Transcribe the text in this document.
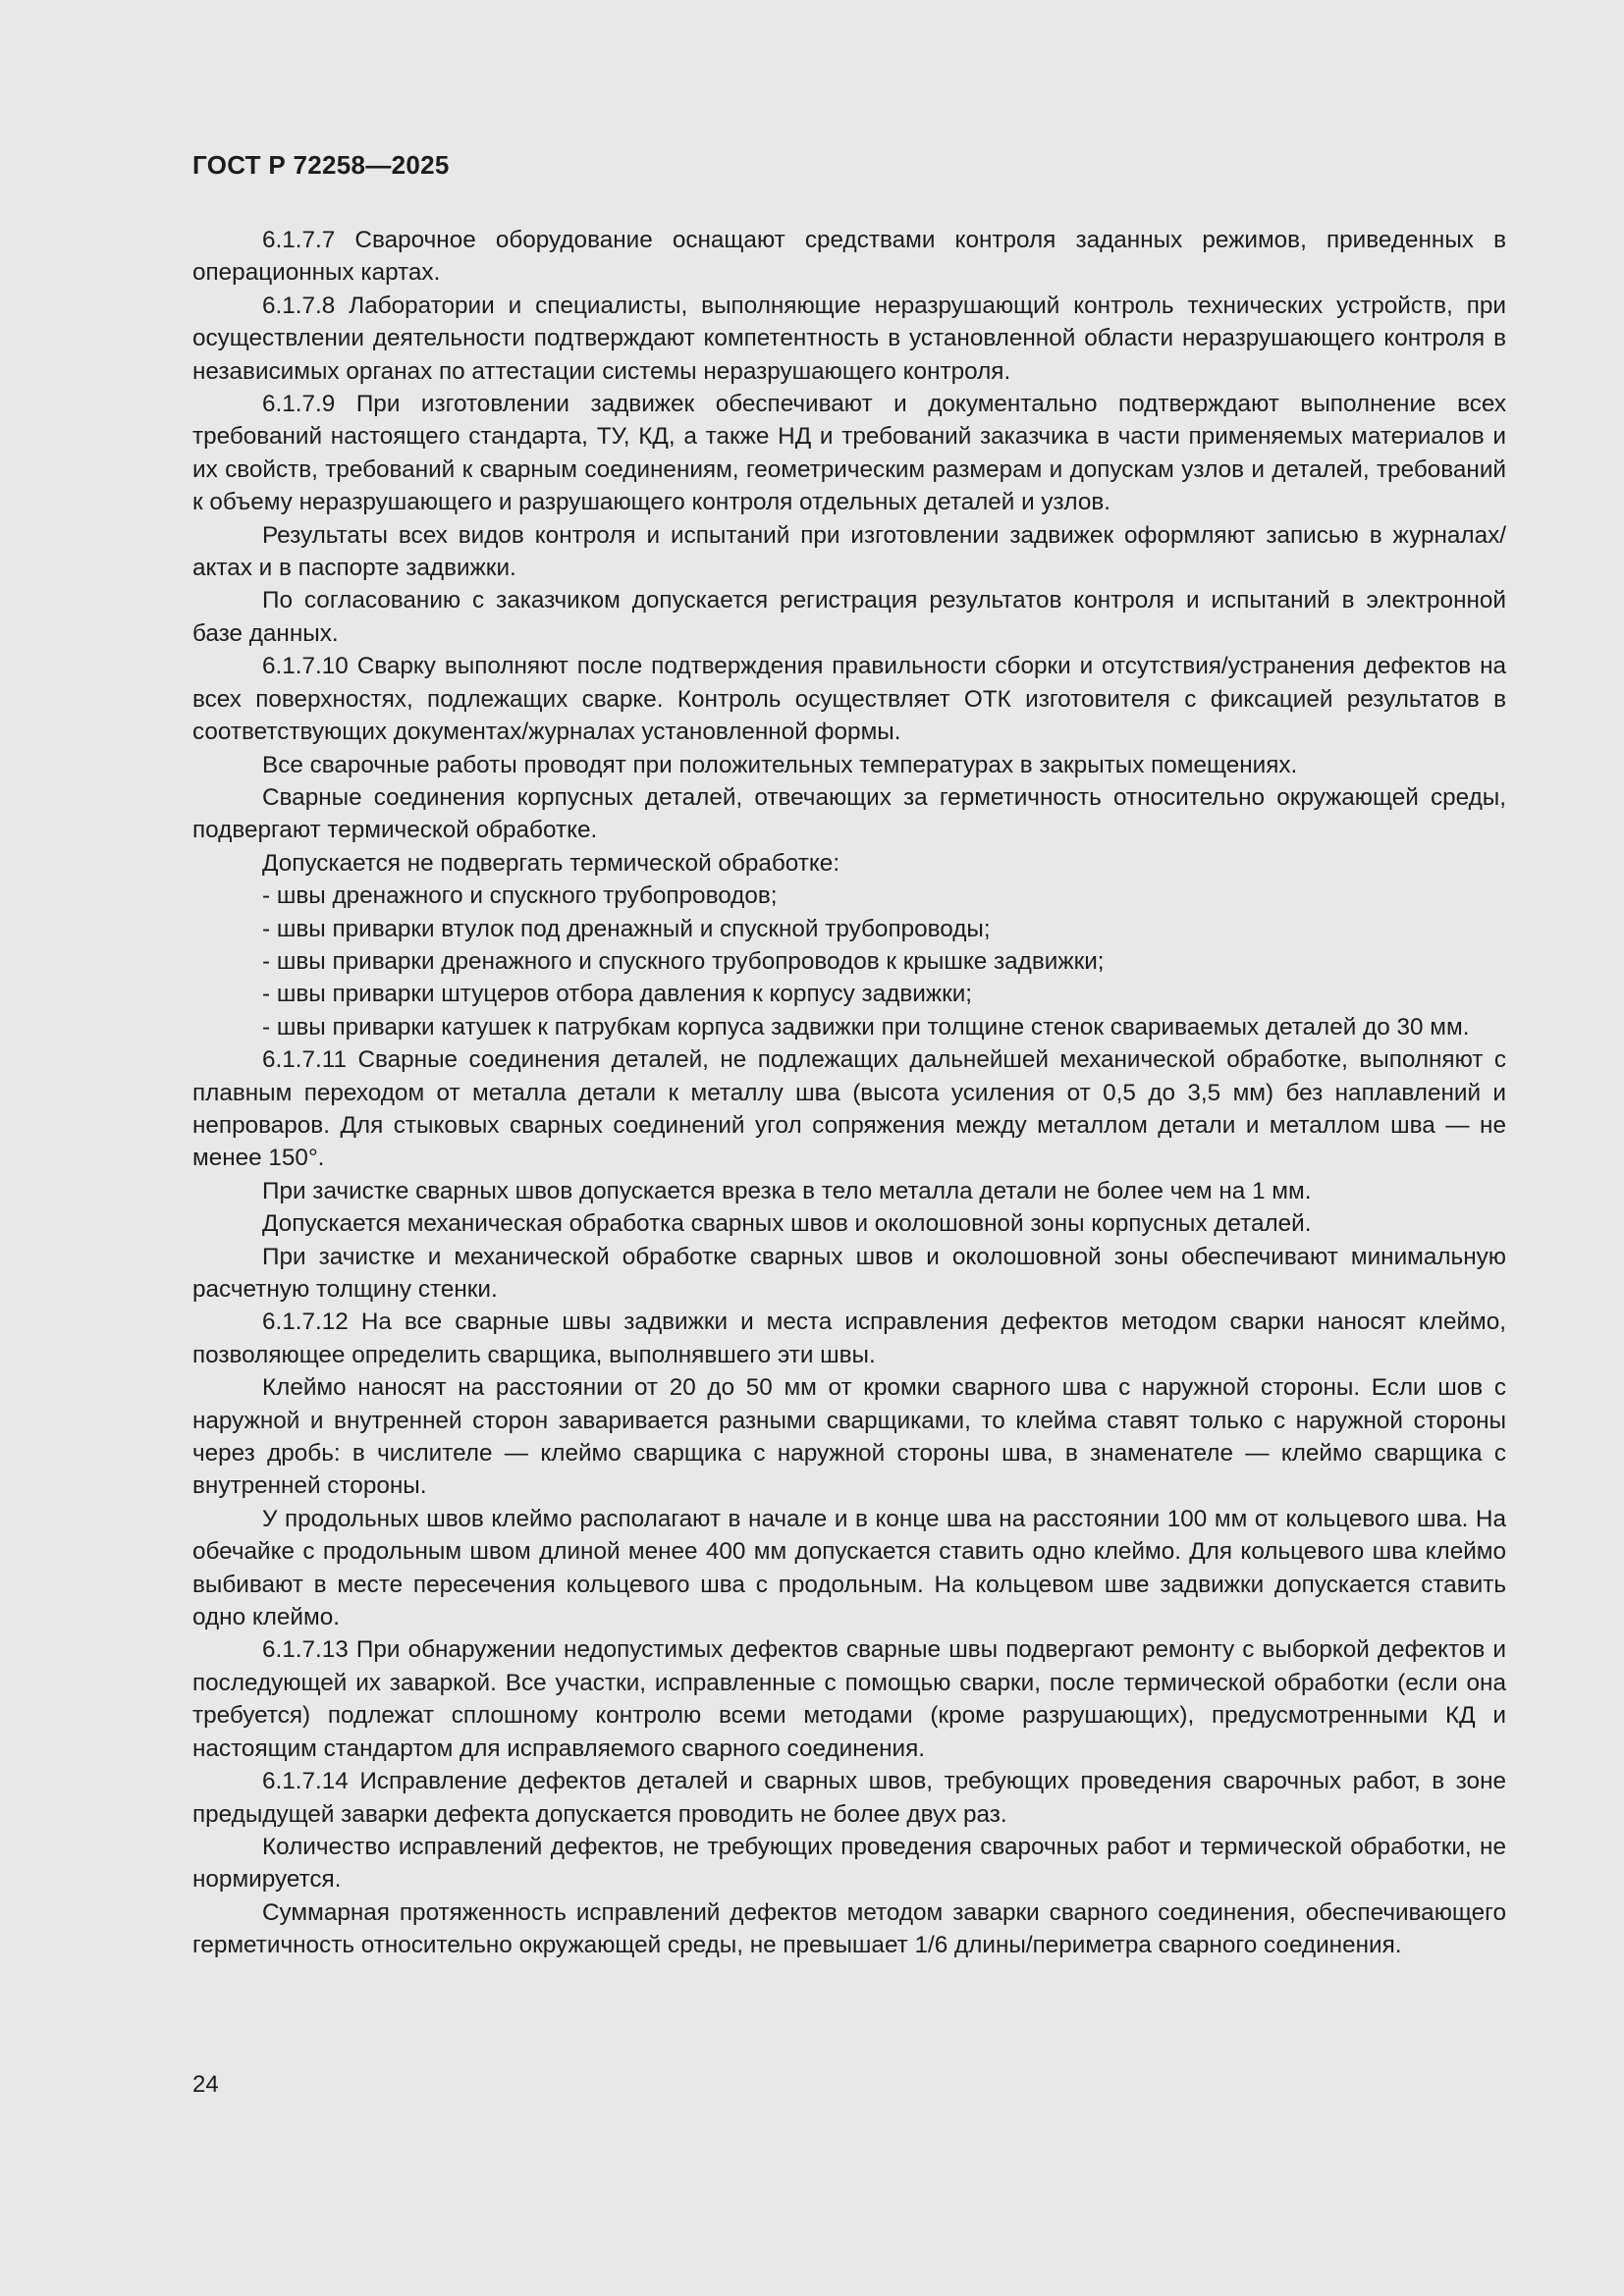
ГОСТ Р 72258—2025

6.1.7.7 Сварочное оборудование оснащают средствами контроля заданных режимов, приведенных в операционных картах.

6.1.7.8 Лаборатории и специалисты, выполняющие неразрушающий контроль технических устройств, при осуществлении деятельности подтверждают компетентность в установленной области неразрушающего контроля в независимых органах по аттестации системы неразрушающего контроля.

6.1.7.9 При изготовлении задвижек обеспечивают и документально подтверждают выполнение всех требований настоящего стандарта, ТУ, КД, а также НД и требований заказчика в части применяемых материалов и их свойств, требований к сварным соединениям, геометрическим размерам и допускам узлов и деталей, требований к объему неразрушающего и разрушающего контроля отдельных деталей и узлов.

Результаты всех видов контроля и испытаний при изготовлении задвижек оформляют записью в журналах/актах и в паспорте задвижки.

По согласованию с заказчиком допускается регистрация результатов контроля и испытаний в электронной базе данных.

6.1.7.10 Сварку выполняют после подтверждения правильности сборки и отсутствия/устранения дефектов на всех поверхностях, подлежащих сварке. Контроль осуществляет ОТК изготовителя с фиксацией результатов в соответствующих документах/журналах установленной формы.

Все сварочные работы проводят при положительных температурах в закрытых помещениях.

Сварные соединения корпусных деталей, отвечающих за герметичность относительно окружающей среды, подвергают термической обработке.

Допускается не подвергать термической обработке:

- швы дренажного и спускного трубопроводов;

- швы приварки втулок под дренажный и спускной трубопроводы;

- швы приварки дренажного и спускного трубопроводов к крышке задвижки;

- швы приварки штуцеров отбора давления к корпусу задвижки;

- швы приварки катушек к патрубкам корпуса задвижки при толщине стенок свариваемых деталей до 30 мм.

6.1.7.11 Сварные соединения деталей, не подлежащих дальнейшей механической обработке, выполняют с плавным переходом от металла детали к металлу шва (высота усиления от 0,5 до 3,5 мм) без наплавлений и непроваров. Для стыковых сварных соединений угол сопряжения между металлом детали и металлом шва — не менее 150°.

При зачистке сварных швов допускается врезка в тело металла детали не более чем на 1 мм.

Допускается механическая обработка сварных швов и околошовной зоны корпусных деталей.

При зачистке и механической обработке сварных швов и околошовной зоны обеспечивают минимальную расчетную толщину стенки.

6.1.7.12 На все сварные швы задвижки и места исправления дефектов методом сварки наносят клеймо, позволяющее определить сварщика, выполнявшего эти швы.

Клеймо наносят на расстоянии от 20 до 50 мм от кромки сварного шва с наружной стороны. Если шов с наружной и внутренней сторон заваривается разными сварщиками, то клейма ставят только с наружной стороны через дробь: в числителе — клеймо сварщика с наружной стороны шва, в знаменателе — клеймо сварщика с внутренней стороны.

У продольных швов клеймо располагают в начале и в конце шва на расстоянии 100 мм от кольцевого шва. На обечайке с продольным швом длиной менее 400 мм допускается ставить одно клеймо. Для кольцевого шва клеймо выбивают в месте пересечения кольцевого шва с продольным. На кольцевом шве задвижки допускается ставить одно клеймо.

6.1.7.13 При обнаружении недопустимых дефектов сварные швы подвергают ремонту с выборкой дефектов и последующей их заваркой. Все участки, исправленные с помощью сварки, после термической обработки (если она требуется) подлежат сплошному контролю всеми методами (кроме разрушающих), предусмотренными КД и настоящим стандартом для исправляемого сварного соединения.

6.1.7.14 Исправление дефектов деталей и сварных швов, требующих проведения сварочных работ, в зоне предыдущей заварки дефекта допускается проводить не более двух раз.

Количество исправлений дефектов, не требующих проведения сварочных работ и термической обработки, не нормируется.

Суммарная протяженность исправлений дефектов методом заварки сварного соединения, обеспечивающего герметичность относительно окружающей среды, не превышает 1/6 длины/периметра сварного соединения.

24
